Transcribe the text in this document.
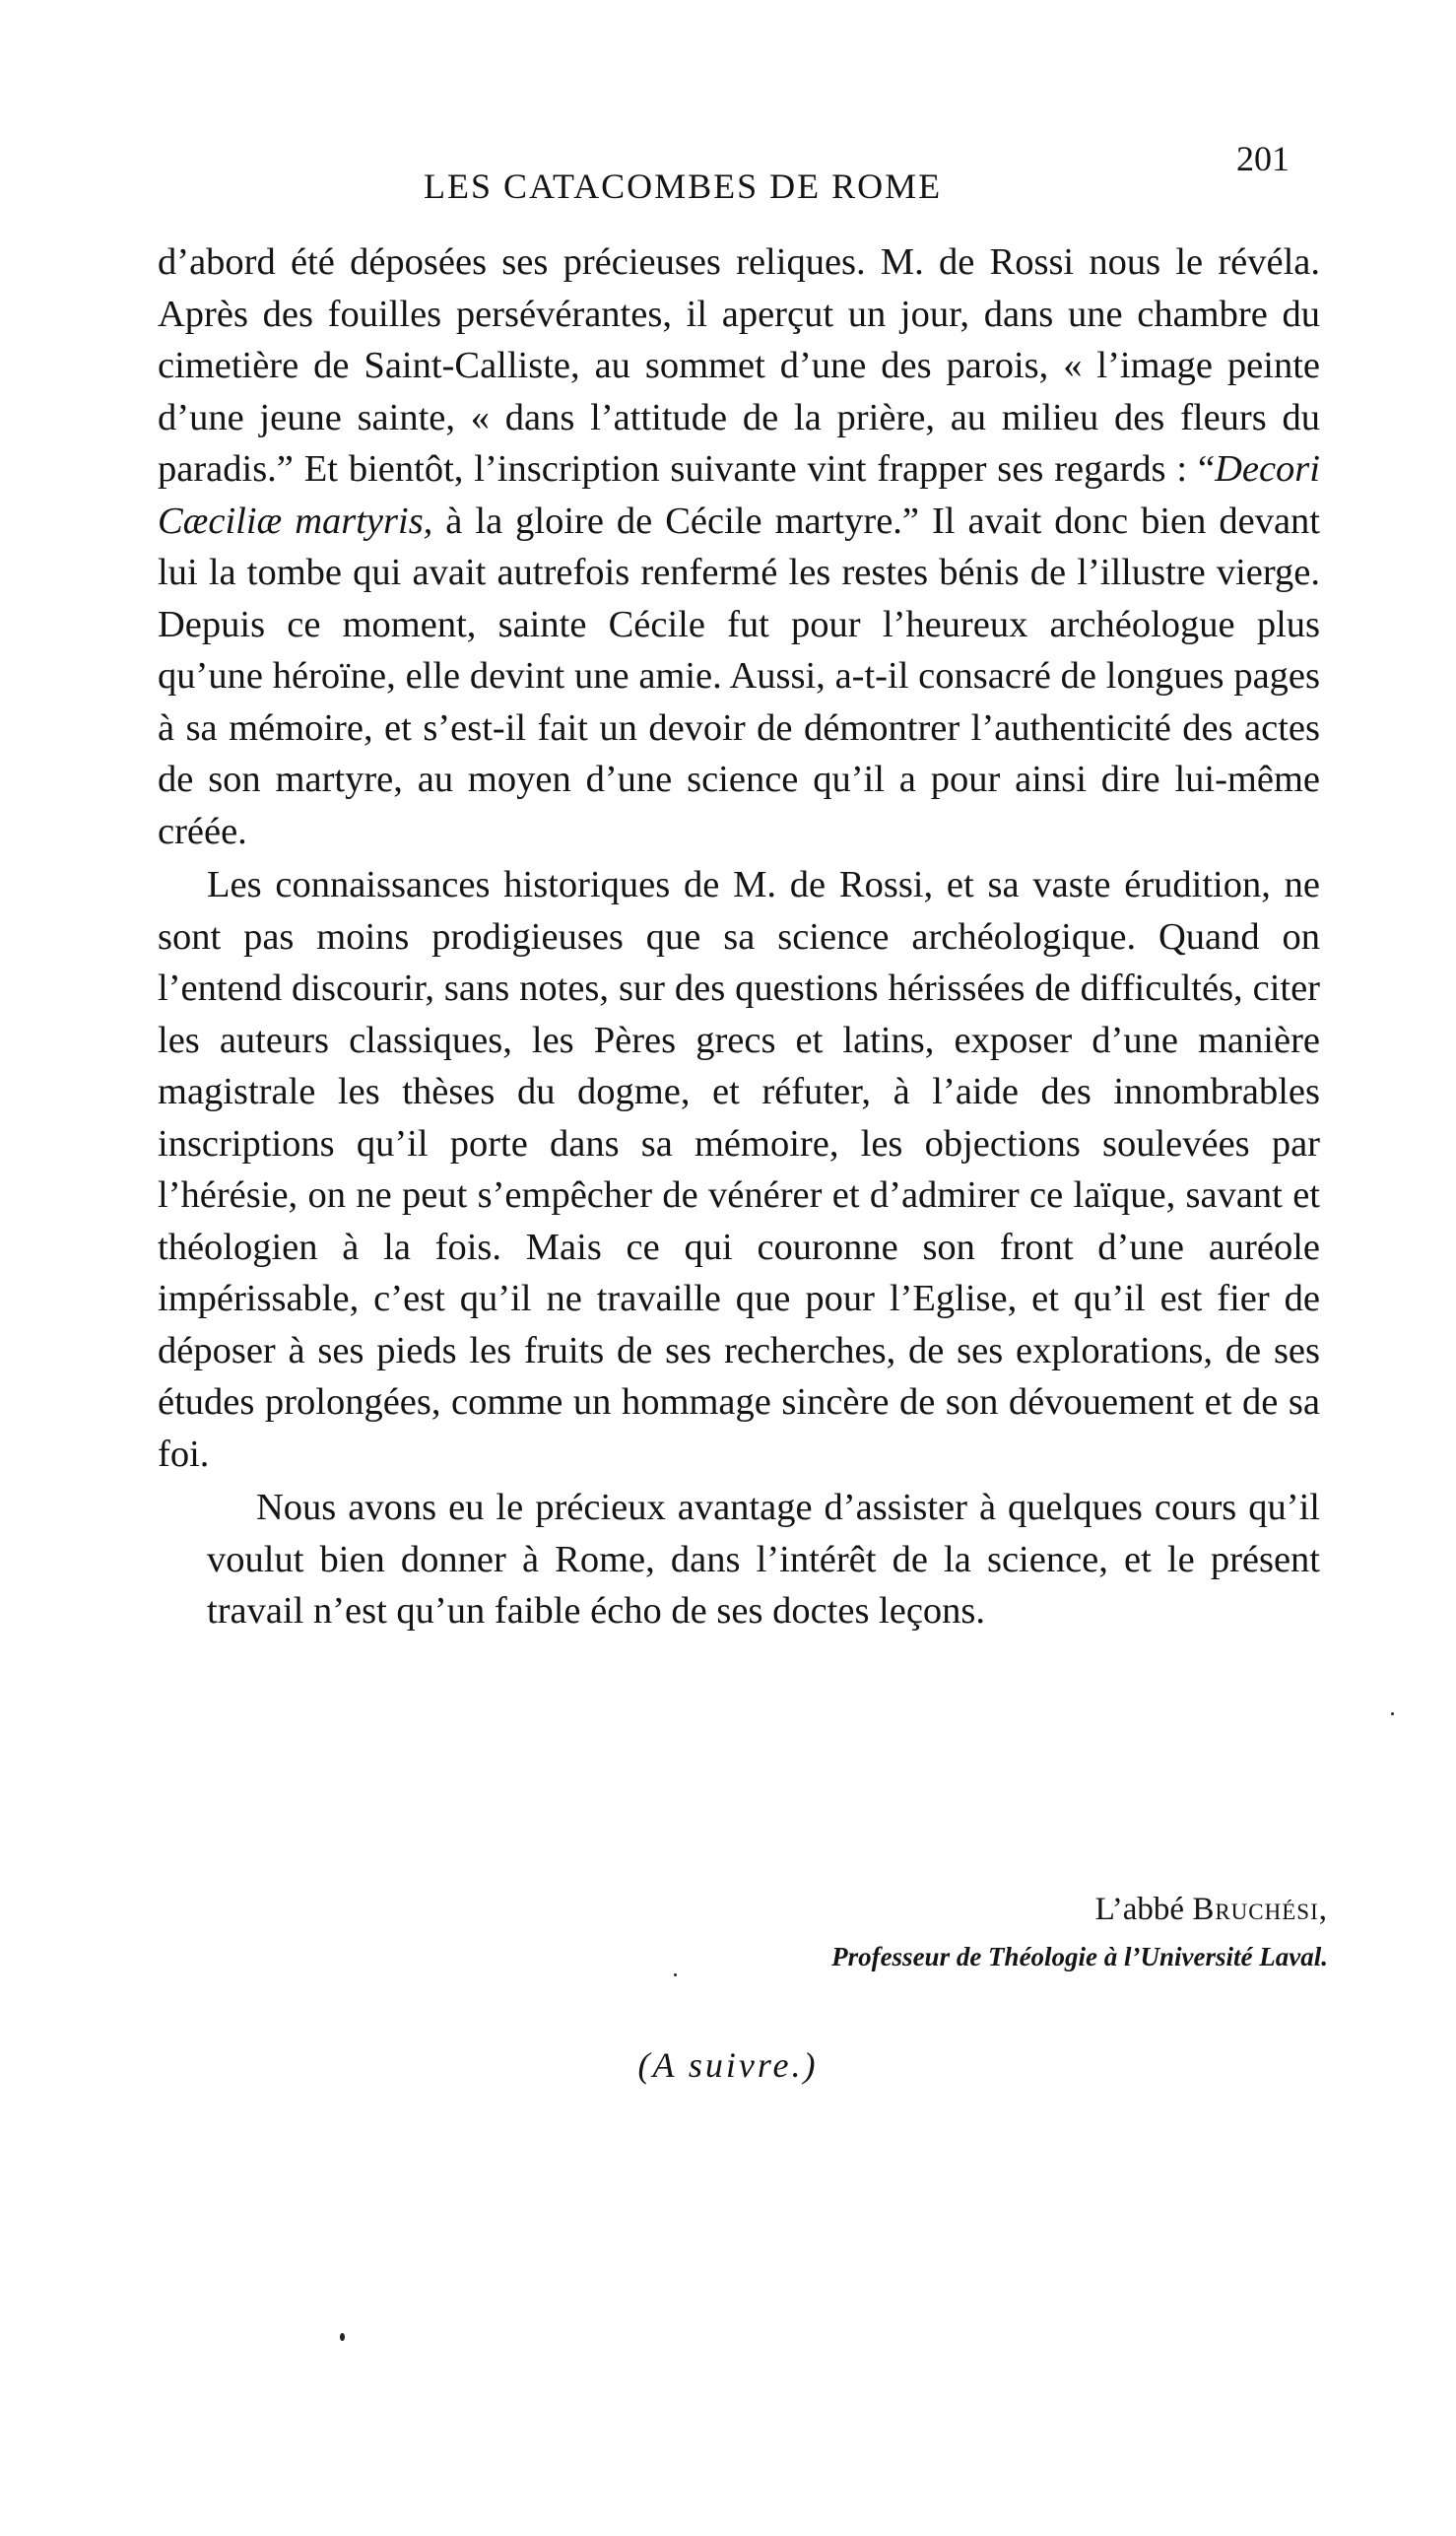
LES CATACOMBES DE ROME
201

d’abord été déposées ses précieuses reliques. M. de Rossi nous le révéla. Après des fouilles persévérantes, il aperçut un jour, dans une chambre du cimetière de Saint-Calliste, au sommet d’une des parois, « l’image peinte d’une jeune sainte, « dans l’attitude de la prière, au milieu des fleurs du paradis.” Et bientôt, l’inscription suivante vint frapper ses regards : “Decori Cæciliæ martyris, à la gloire de Cécile martyre.” Il avait donc bien devant lui la tombe qui avait autrefois renfermé les restes bénis de l’illustre vierge. Depuis ce moment, sainte Cécile fut pour l’heureux archéologue plus qu’une héroïne, elle devint une amie. Aussi, a-t-il consacré de longues pages à sa mémoire, et s’est-il fait un devoir de démontrer l’authenticité des actes de son martyre, au moyen d’une science qu’il a pour ainsi dire lui-même créée.

Les connaissances historiques de M. de Rossi, et sa vaste érudition, ne sont pas moins prodigieuses que sa science archéologique. Quand on l’entend discourir, sans notes, sur des questions hérissées de difficultés, citer les auteurs classiques, les Pères grecs et latins, exposer d’une manière magistrale les thèses du dogme, et réfuter, à l’aide des innombrables inscriptions qu’il porte dans sa mémoire, les objections soulevées par l’hérésie, on ne peut s’empêcher de vénérer et d’admirer ce laïque, savant et théologien à la fois. Mais ce qui couronne son front d’une auréole impérissable, c’est qu’il ne travaille que pour l’Eglise, et qu’il est fier de déposer à ses pieds les fruits de ses recherches, de ses explorations, de ses études prolongées, comme un hommage sincère de son dévouement et de sa foi.

Nous avons eu le précieux avantage d’assister à quelques cours qu’il voulut bien donner à Rome, dans l’intérêt de la science, et le présent travail n’est qu’un faible écho de ses doctes leçons.

L’abbé Bruchési,
Professeur de Théologie à l’Université Laval.
(A suivre.)
